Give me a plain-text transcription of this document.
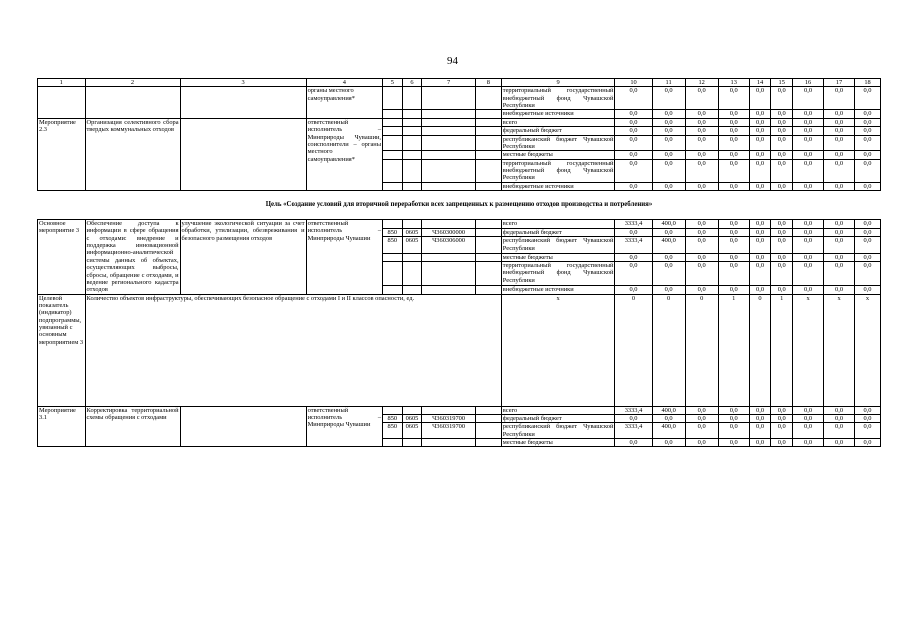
94
1	2	3	4	5	6	7	8	9	10	11	12	13	14	15	16	17	18
			органы местного самоуправления*					территориальный государственный внебюджетный фонд Чувашской Республики	0,0	0,0	0,0	0,0	0,0	0,0	0,0	0,0	0,0
								внебюджетные источники	0,0	0,0	0,0	0,0	0,0	0,0	0,0	0,0	0,0
Мероприятие 2.3	Организация селективного сбора твердых коммунальных отходов		ответственный исполнитель – Минприроды Чувашии, соисполнители – органы местного самоуправления*					всего	0,0	0,0	0,0	0,0	0,0	0,0	0,0	0,0	0,0
								федеральный бюджет	0,0	0,0	0,0	0,0	0,0	0,0	0,0	0,0	0,0
								республиканский бюджет Чувашской Республики	0,0	0,0	0,0	0,0	0,0	0,0	0,0	0,0	0,0
								местные бюджеты	0,0	0,0	0,0	0,0	0,0	0,0	0,0	0,0	0,0
								территориальный государственный внебюджетный фонд Чувашской Республики	0,0	0,0	0,0	0,0	0,0	0,0	0,0	0,0	0,0
								внебюджетные источники	0,0	0,0	0,0	0,0	0,0	0,0	0,0	0,0	0,0
Цель «Создание условий для вторичной переработки всех запрещенных к размещению отходов производства и потребления»																	
Основное мероприятие 3	Обеспечение доступа к информации в сфере обращения с отходами: внедрение и поддержка инновационной информационно-аналитической системы данных об объектах, осуществляющих выбросы, сбросы, обращение с отходами, и ведение регионального кадастра отходов	улучшение экологической ситуации за счет обработки, утилизации, обезвреживания и безопасного размещения отходов	ответственный исполнитель – Минприроды Чувашии					всего	3333,4	400,0	0,0	0,0	0,0	0,0	0,0	0,0	0,0
				850	0605	Ч360300000		федеральный бюджет	0,0	0,0	0,0	0,0	0,0	0,0	0,0	0,0	0,0
				850	0605	Ч360306000		республиканский бюджет Чувашской Республики	3333,4	400,0	0,0	0,0	0,0	0,0	0,0	0,0	0,0
								местные бюджеты	0,0	0,0	0,0	0,0	0,0	0,0	0,0	0,0	0,0
								территориальный государственный внебюджетный фонд Чувашской Республики	0,0	0,0	0,0	0,0	0,0	0,0	0,0	0,0	0,0
								внебюджетные источники	0,0	0,0	0,0	0,0	0,0	0,0	0,0	0,0	0,0
Целевой показатель (индикатор) подпрограммы, увязанный с основным мероприятием 3	Количество объектов инфраструктуры, обеспечивающих безопасное обращение с отходами I и II классов опасности, ед.							x	0	0	0	1	0	1	x	x	x
Мероприятие 3.1	Корректировка территориальной схемы обращения с отходами		ответственный исполнитель – Минприроды Чувашии					всего	3333,4	400,0	0,0	0,0	0,0	0,0	0,0	0,0	0,0
				850	0605	Ч360319700		федеральный бюджет	0,0	0,0	0,0	0,0	0,0	0,0	0,0	0,0	0,0
				850	0605	Ч360319700		республиканский бюджет Чувашской Республики	3333,4	400,0	0,0	0,0	0,0	0,0	0,0	0,0	0,0
								местные бюджеты	0,0	0,0	0,0	0,0	0,0	0,0	0,0	0,0	0,0
